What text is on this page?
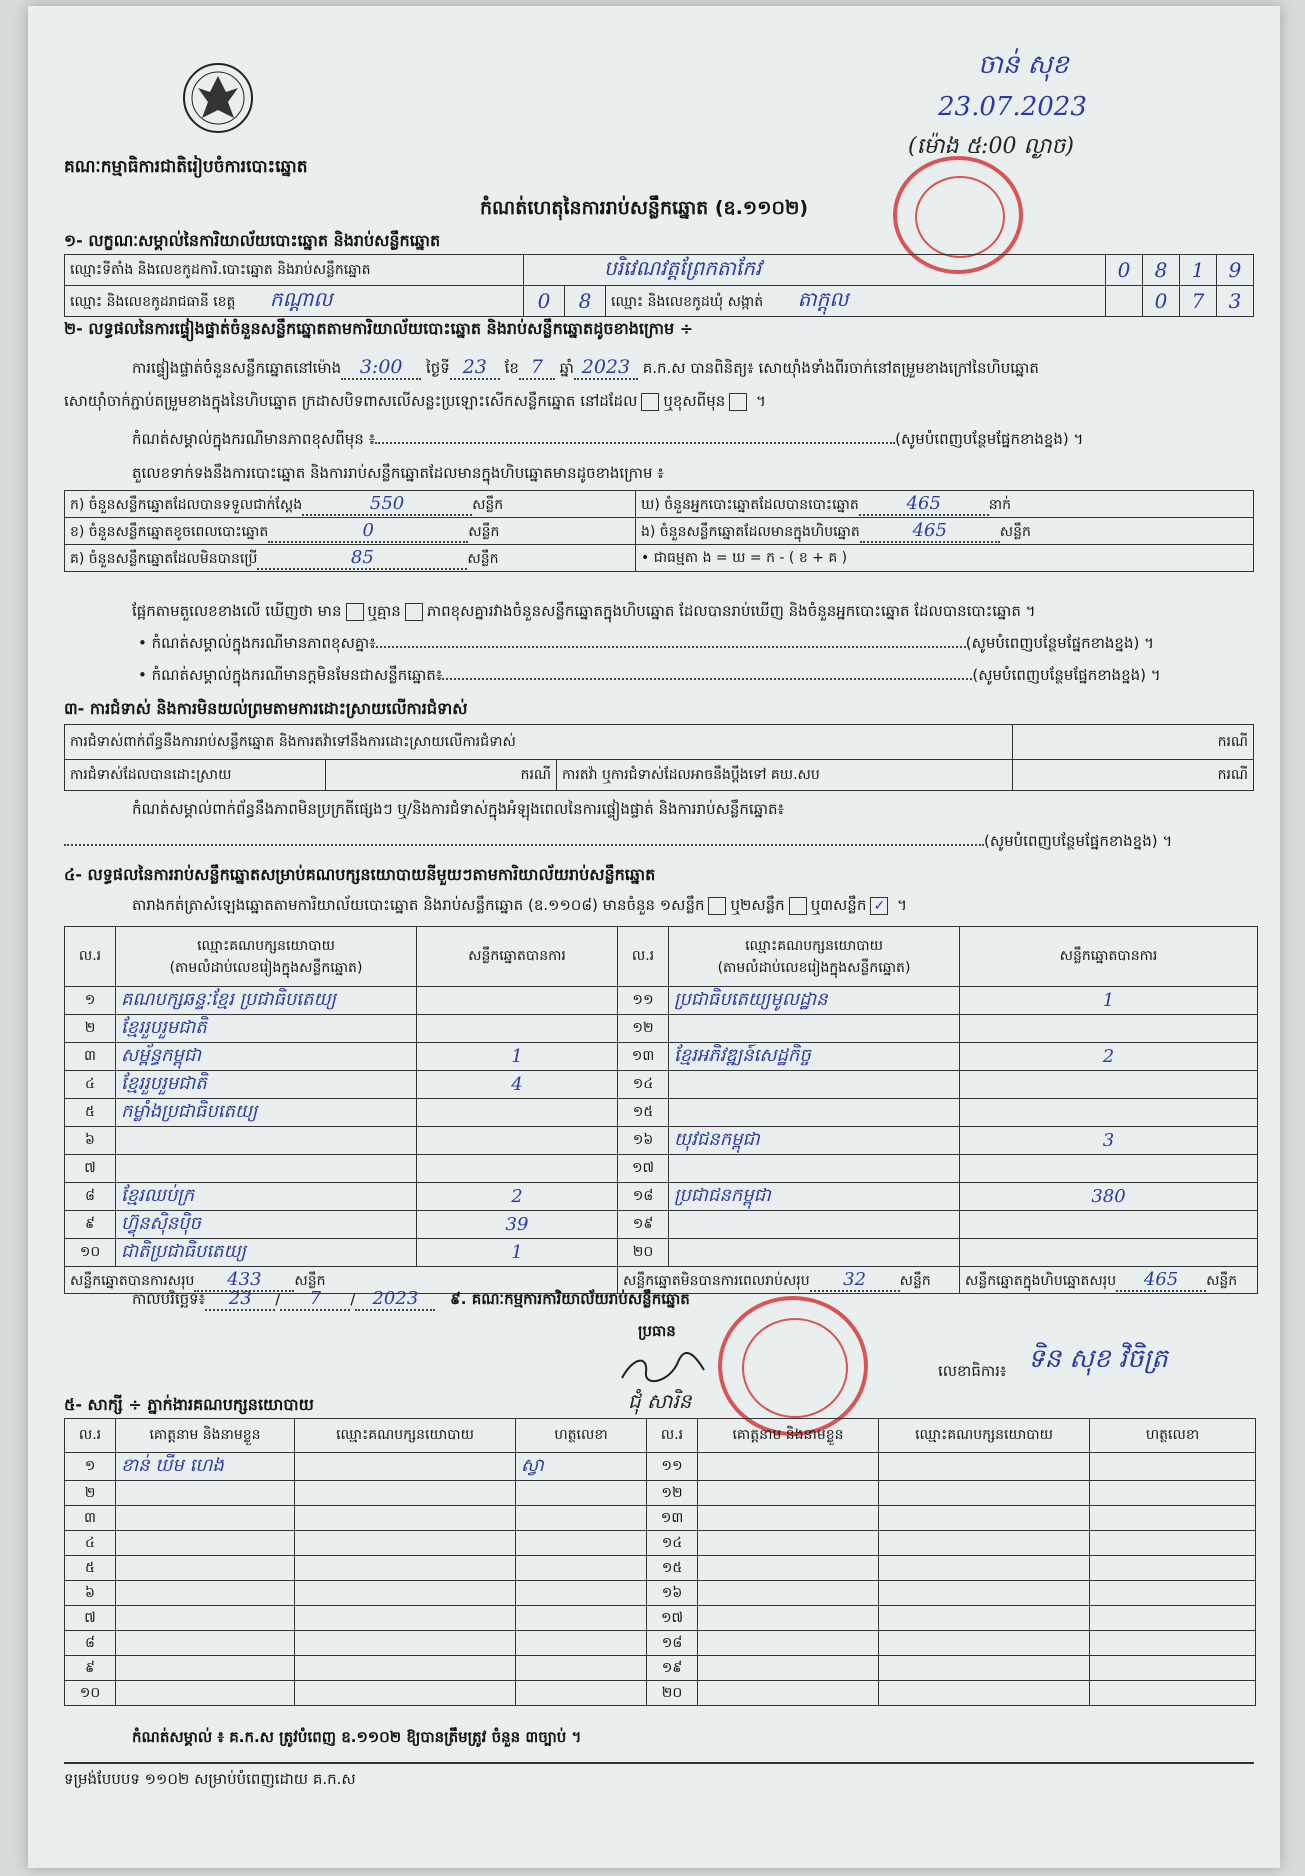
គណៈកម្មាធិការជាតិរៀបចំការបោះឆ្នោត
ចាន់ សុខ
23.07.2023
(ម៉ោង ៥:00 ល្ងាច)
កំណត់ហេតុនៃការរាប់សន្លឹកឆ្នោត (ឧ.១១០២)
១- លក្ខណៈសម្គាល់នៃការិយាល័យបោះឆ្នោត និងរាប់សន្លឹកឆ្នោត
ឈ្មោះទីតាំង និងលេខកូដការិ.បោះឆ្នោត និងរាប់សន្លឹកឆ្នោត	បរិវេណវត្តព្រែកតាកែវ			0	8	1	9
ឈ្មោះ និងលេខកូដរាជធានី ខេត្ត កណ្ដាល	0	8	ឈ្មោះ និងលេខកូដឃុំ សង្កាត់ តាក្ដុល		0	7	3
២- លទ្ធផលនៃការផ្ទៀងផ្ទាត់ចំនួនសន្លឹកឆ្នោតតាមការិយាល័យបោះឆ្នោត និងរាប់សន្លឹកឆ្នោតដូចខាងក្រោម ÷
ការផ្ទៀងផ្ទាត់ចំនួនសន្លឹកឆ្នោតនៅម៉ោង 3:00 ថ្ងៃទី 23 ខែ 7 ឆ្នាំ 2023 គ.ក.ស បានពិនិត្យ៖ សោយ៉ាំងទាំងពីរចាក់នៅតម្រួមខាងក្រៅនៃហិបឆ្នោត
សោយ៉ាំចាក់ភ្ជាប់តម្រួមខាងក្នុងនៃហិបឆ្នោត ក្រដាសបិទពាសលើសន្លះប្រឡោះសើកសន្លឹកឆ្នោត នៅដដែល ឬខុសពីមុន ។
កំណត់សម្គាល់ក្នុងករណីមានភាពខុសពីមុន ៖	(សូមបំពេញបន្ថែមផ្នែកខាងខ្នង) ។
តួលេខទាក់ទងនឹងការបោះឆ្នោត និងការរាប់សន្លឹកឆ្នោតដែលមានក្នុងហិបឆ្នោតមានដូចខាងក្រោម ៖
ក) ចំនួនសន្លឹកឆ្នោតដែលបានទទួលជាក់ស្ដែង 550 សន្លឹក	ឃ) ចំនួនអ្នកបោះឆ្នោតដែលបានបោះឆ្នោត 465 នាក់
ខ) ចំនួនសន្លឹកឆ្នោតខូចពេលបោះឆ្នោត 0 សន្លឹក	ង) ចំនួនសន្លឹកឆ្នោតដែលមានក្នុងហិបឆ្នោត 465 សន្លឹក
គ) ចំនួនសន្លឹកឆ្នោតដែលមិនបានប្រើ 85 សន្លឹក	• ជាធម្មតា ង = ឃ = ក - ( ខ + គ )
ផ្អែកតាមតួលេខខាងលើ ឃើញថា មាន ឬគ្មាន ភាពខុសគ្នារវាងចំនួនសន្លឹកឆ្នោតក្នុងហិបឆ្នោត ដែលបានរាប់ឃើញ និងចំនួនអ្នកបោះឆ្នោត ដែលបានបោះឆ្នោត ។
• កំណត់សម្គាល់ក្នុងករណីមានភាពខុសគ្នា៖	(សូមបំពេញបន្ថែមផ្នែកខាងខ្នង) ។
• កំណត់សម្គាល់ក្នុងករណីមានក្ដមិនមែនជាសន្លឹកឆ្នោត៖	(សូមបំពេញបន្ថែមផ្នែកខាងខ្នង) ។
៣- ការជំទាស់ និងការមិនយល់ព្រមតាមការដោះស្រាយលើការជំទាស់
ការជំទាស់ពាក់ព័ន្ធនឹងការរាប់សន្លឹកឆ្នោត និងការតវ៉ាទៅនឹងការដោះស្រាយលើការជំទាស់			ករណី
ការជំទាស់ដែលបានដោះស្រាយ	ករណី	ការតវ៉ា ឬការជំទាស់ដែលអាចនឹងប្ដឹងទៅ គឃ.សប	ករណី
កំណត់សម្គាល់ពាក់ព័ន្ធនឹងភាពមិនប្រក្រតីផ្សេងៗ ឬ/និងការជំទាស់ក្នុងអំឡុងពេលនៃការផ្ទៀងផ្ទាត់ និងការរាប់សន្លឹកឆ្នោត៖
(សូមបំពេញបន្ថែមផ្នែកខាងខ្នង) ។
៤- លទ្ធផលនៃការរាប់សន្លឹកឆ្នោតសម្រាប់គណបក្សនយោបាយនីមួយៗតាមការិយាល័យរាប់សន្លឹកឆ្នោត
តារាងកត់ត្រាសំឡេងឆ្នោតតាមការិយាល័យបោះឆ្នោត និងរាប់សន្លឹកឆ្នោត (ឧ.១១០៨) មានចំនួន ១សន្លឹក ឬ២សន្លឹក ឬ៣សន្លឹក ✓ ។
ល.រ	ឈ្មោះគណបក្សនយោបាយ
(តាមលំដាប់លេខរៀងក្នុងសន្លឹកឆ្នោត)	សន្លឹកឆ្នោតបានការ	ល.រ	ឈ្មោះគណបក្សនយោបាយ
(តាមលំដាប់លេខរៀងក្នុងសន្លឹកឆ្នោត)	សន្លឹកឆ្នោតបានការ
១	គណបក្សឆន្ទៈខ្មែរ ប្រជាធិបតេយ្យ		១១	ប្រជាធិបតេយ្យមូលដ្ឋាន	1
២	ខ្មែររួបរួមជាតិ		១២		
៣	សម្ព័ន្ធកម្ពុជា	1	១៣	ខ្មែរអភិវឌ្ឍន៍សេដ្ឋកិច្ច	2
៤	ខ្មែររួបរួមជាតិ	4	១៤		
៥	កម្លាំងប្រជាធិបតេយ្យ		១៥		
៦			១៦	យុវជនកម្ពុជា	3
៧			១៧		
៨	ខ្មែរឈប់ក្រ	2	១៨	ប្រជាជនកម្ពុជា	380
៩	ហ៊្វុនស៊ិនប៉ិច	39	១៩		
១០	ជាតិប្រជាធិបតេយ្យ	1	២០		
សន្លឹកឆ្នោតបានការសរុប 433 សន្លឹក			សន្លឹកឆ្នោតមិនបានការពេលរាប់សរុប 32 សន្លឹក		សន្លឹកឆ្នោតក្នុងហិបឆ្នោតសរុប 465 សន្លឹក
កាលបរិច្ឆេទ៖ 23 / 7 / 2023 ៩. គណៈកម្មការការិយាល័យរាប់សន្លឹកឆ្នោត
ប្រធាន
ជុំ សារិន
លេខាធិការ៖ ទិន សុខ វិចិត្រ
៥- សាក្សី ÷ ភ្នាក់ងារគណបក្សនយោបាយ
ល.រ	គោត្តនាម និងនាមខ្លួន	ឈ្មោះគណបក្សនយោបាយ	ហត្ថលេខា	ល.រ	គោត្តនាម និងនាមខ្លួន	ឈ្មោះគណបក្សនយោបាយ	ហត្ថលេខា
១	ខាន់ ឃីម ហេង		ស្វា	១១			
២				១២			
៣				១៣			
៤				១៤			
៥				១៥			
៦				១៦			
៧				១៧			
៨				១៨			
៩				១៩			
១០				២០			
កំណត់សម្គាល់ ៖ គ.ក.ស ត្រូវបំពេញ ឧ.១១០២ ឱ្យបានត្រឹមត្រូវ ចំនួន ៣ច្បាប់ ។
ទម្រង់បែបបទ ១១០២ សម្រាប់បំពេញដោយ គ.ក.ស
